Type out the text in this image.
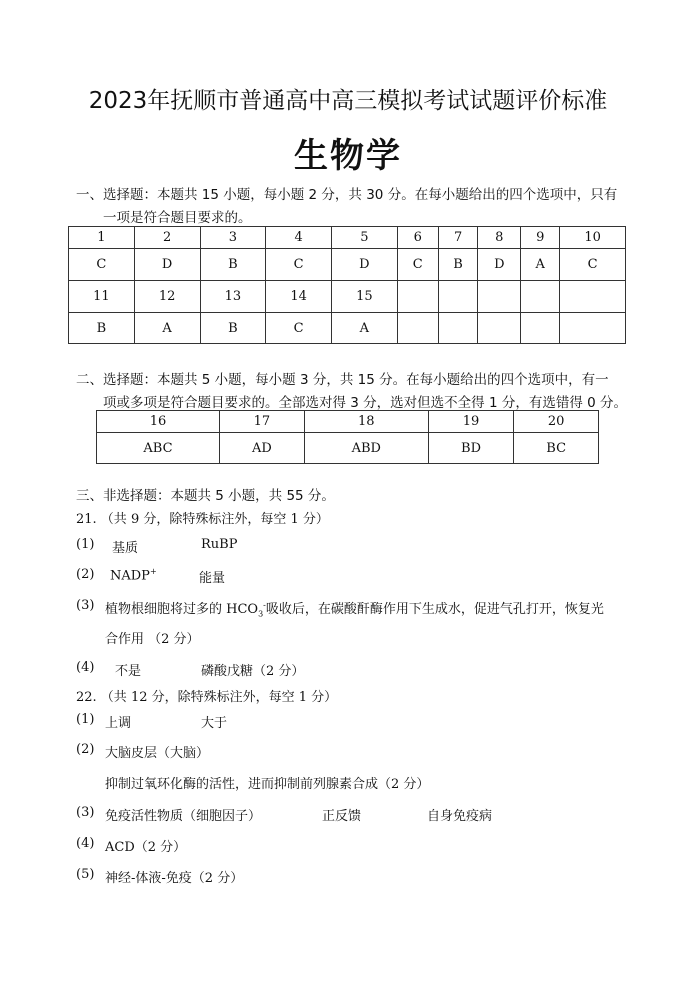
2023年抚顺市普通高中高三模拟考试试题评价标准
生物学
一、选择题：本题共 15 小题，每小题 2 分，共 30 分。在每小题给出的四个选项中，只有
一项是符合题目要求的。
1	2	3	4	5	6	7	8	9	10
C	D	B	C	D	C	B	D	A	C
11	12	13	14	15					
B	A	B	C	A					
二、选择题：本题共 5 小题，每小题 3 分，共 15 分。在每小题给出的四个选项中，有一
项或多项是符合题目要求的。全部选对得 3 分，选对但选不全得 1 分，有选错得 0 分。
16	17	18	19	20
ABC	AD	ABD	BD	BC
三、非选择题：本题共 5 小题，共 55 分。
21. （共 9 分，除特殊标注外，每空 1 分）
(1) 基质	RuBP
(2) NADP+	能量
(3) 植物根细胞将过多的 $HCO_3^-$吸收后，在碳酸酐酶作用下生成水，促进气孔打开，恢复光
合作用 （2 分）
(4) 不是	磷酸戊糖（2 分）
22. （共 12 分，除特殊标注外，每空 1 分）
(1) 上调	大于
(2) 大脑皮层（大脑）
抑制过氧环化酶的活性，进而抑制前列腺素合成（2 分）
(3) 免疫活性物质（细胞因子）	正反馈	自身免疫病
(4) ACD（2 分）
(5) 神经-体液-免疫（2 分）
